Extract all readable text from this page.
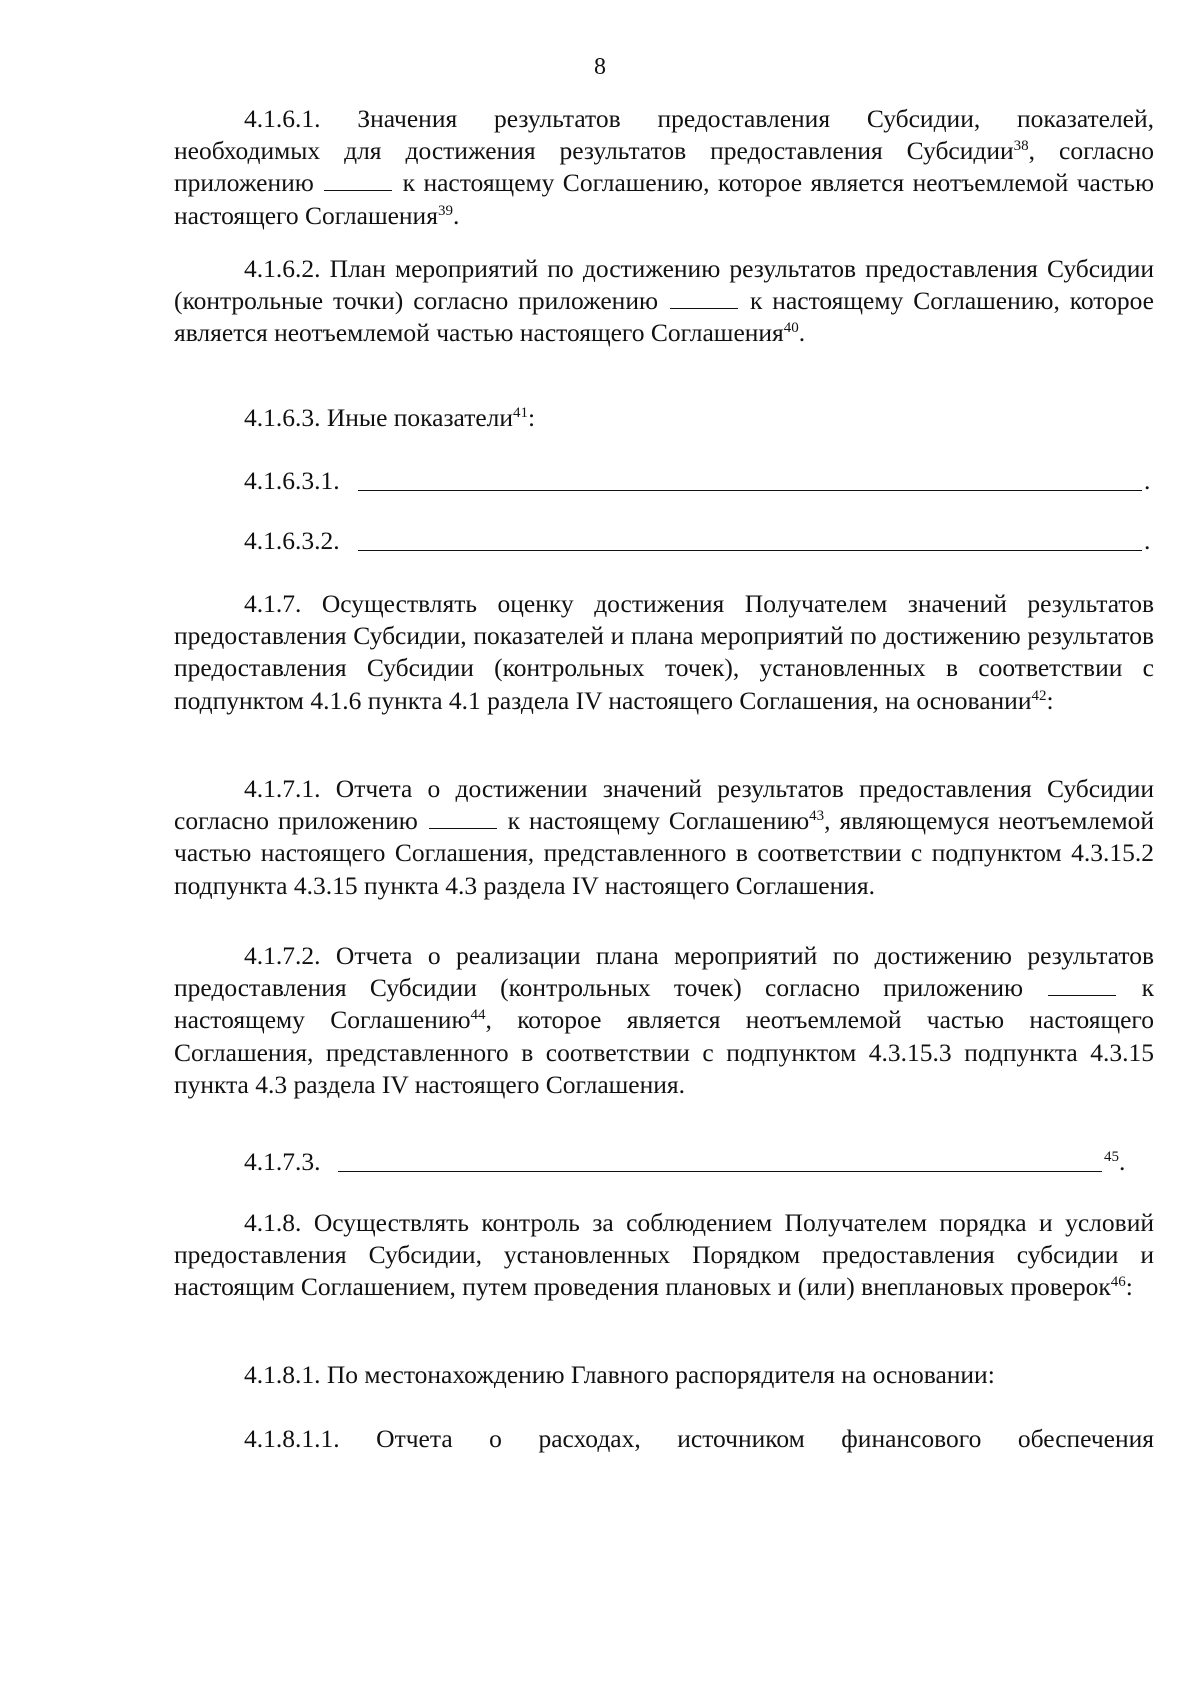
8
4.1.6.1. Значения результатов предоставления Субсидии, показателей, необходимых для достижения результатов предоставления Субсидии$^{38}$, согласно приложению	к настоящему Соглашению, которое является неотъемлемой частью настоящего Соглашения$^{39}$.
4.1.6.2. План мероприятий по достижению результатов предоставления Субсидии (контрольные точки) согласно приложению	к настоящему Соглашению, которое является неотъемлемой частью настоящего Соглашения$^{40}$.
4.1.6.3. Иные показатели$^{41}$:
4.1.6.3.1.	.
4.1.6.3.2.	.
4.1.7. Осуществлять оценку достижения Получателем значений результатов предоставления Субсидии, показателей и плана мероприятий по достижению результатов предоставления Субсидии (контрольных точек), установленных в соответствии с подпунктом 4.1.6 пункта 4.1 раздела IV настоящего Соглашения, на основании$^{42}$:
4.1.7.1. Отчета о достижении значений результатов предоставления Субсидии согласно приложению	к настоящему Соглашению$^{43}$, являющемуся неотъемлемой частью настоящего Соглашения, представленного в соответствии с подпунктом 4.3.15.2 подпункта 4.3.15 пункта 4.3 раздела IV настоящего Соглашения.
4.1.7.2. Отчета о реализации плана мероприятий по достижению результатов предоставления Субсидии (контрольных точек) согласно приложению	к настоящему Соглашению$^{44}$, которое является неотъемлемой частью настоящего Соглашения, представленного в соответствии с подпунктом 4.3.15.3 подпункта 4.3.15 пункта 4.3 раздела IV настоящего Соглашения.
4.1.7.3.	$^{45}$.
4.1.8. Осуществлять контроль за соблюдением Получателем порядка и условий предоставления Субсидии, установленных Порядком предоставления субсидии и настоящим Соглашением, путем проведения плановых и (или) внеплановых проверок$^{46}$:
4.1.8.1. По местонахождению Главного распорядителя на основании:
4.1.8.1.1. Отчета о расходах, источником финансового обеспечения
